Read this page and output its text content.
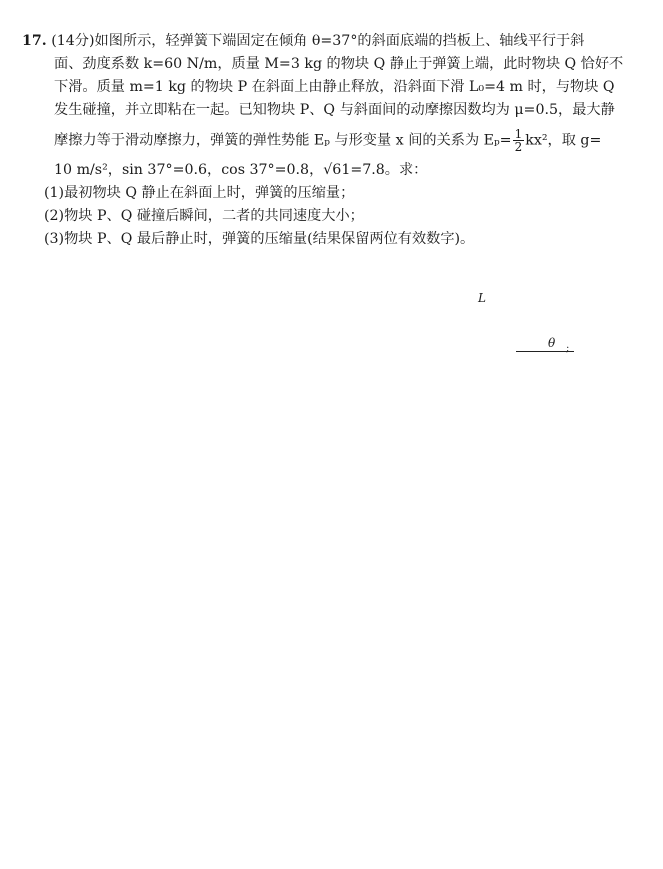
17. (14分)如图所示，轻弹簧下端固定在倾角 θ=37°的斜面底端的挡板上、轴线平行于斜

面、劲度系数 k=60 N/m，质量 M=3 kg 的物块 Q 静止于弹簧上端，此时物块 Q 恰好不

下滑。质量 m=1 kg 的物块 P 在斜面上由静止释放，沿斜面下滑 L₀=4 m 时，与物块 Q

发生碰撞，并立即粘在一起。已知物块 P、Q 与斜面间的动摩擦因数均为 μ=0.5，最大静

摩擦力等于滑动摩擦力，弹簧的弹性势能 Eₚ 与形变量 x 间的关系为 $E_p= \frac{1}{2} kx^2$，取 g=

10 m/s²，sin 37°=0.6，cos 37°=0.8，√61=7.8。求：

(1)最初物块 Q 静止在斜面上时，弹簧的压缩量；

(2)物块 P、Q 碰撞后瞬间，二者的共同速度大小；

(3)物块 P、Q 最后静止时，弹簧的压缩量(结果保留两位有效数字)。

L
θ ;
